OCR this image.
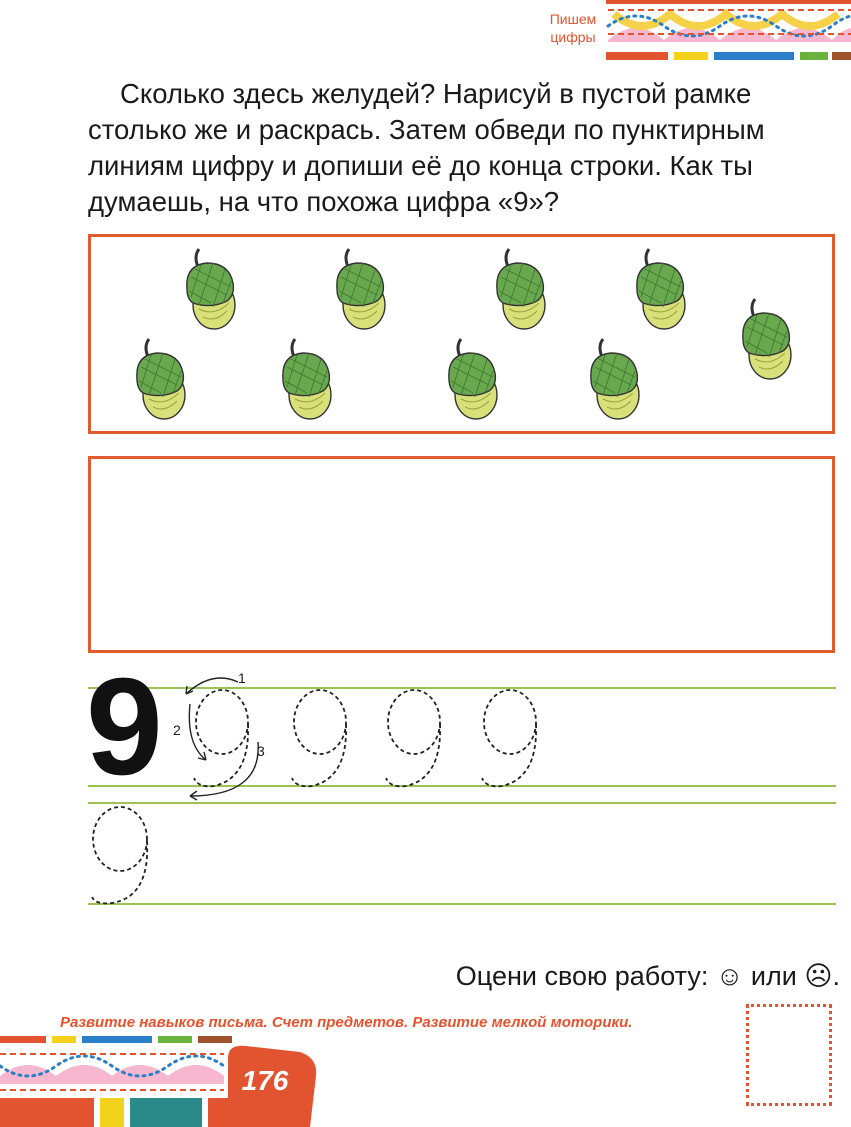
Пишем
цифры
Сколько здесь желудей? Нарисуй в пустой рамке
столько же и раскрась. Затем обведи по пунктирным
линиям цифру и допиши её до конца строки. Как ты
думаешь, на что похожа цифра «9»?
9	1
2
3
Оцени свою работу: ☺ или ☹.
Развитие навыков письма. Счет предметов. Развитие мелкой моторики.
176
